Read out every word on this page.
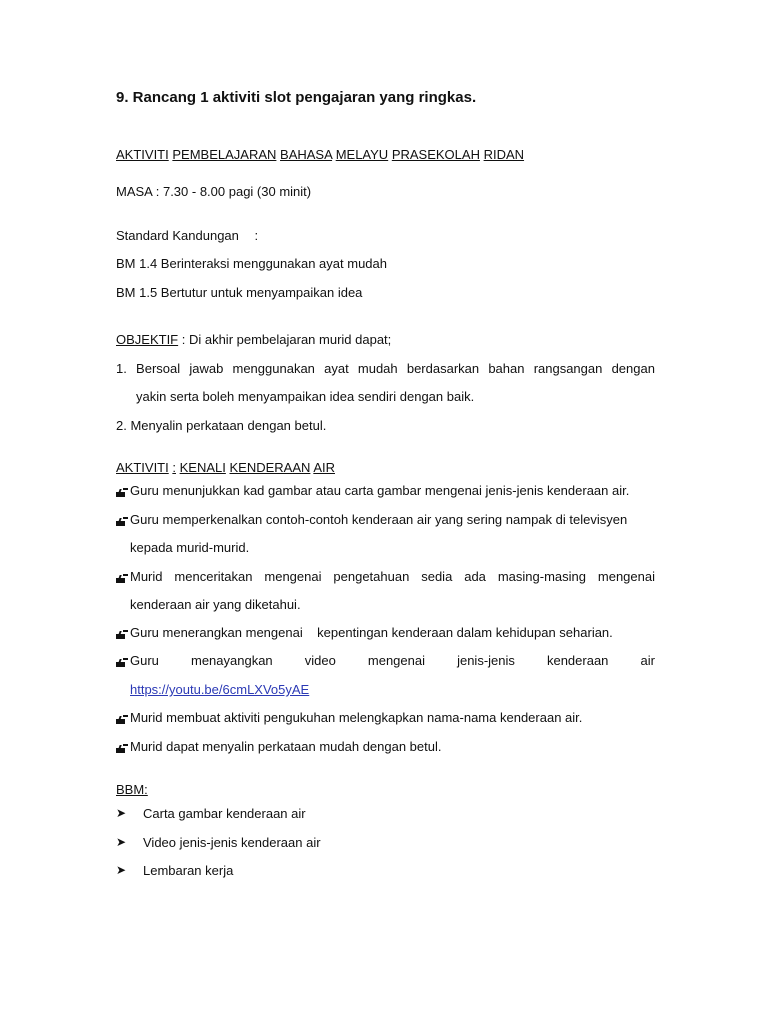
9. Rancang 1 aktiviti slot pengajaran yang ringkas.
AKTIVITI PEMBELAJARAN BAHASA MELAYU PRASEKOLAH RIDAN
MASA : 7.30 - 8.00 pagi (30 minit)
Standard Kandungan :
BM 1.4 Berinteraksi menggunakan ayat mudah
BM 1.5 Bertutur untuk menyampaikan idea
OBJEKTIF : Di akhir pembelajaran murid dapat;
1. Bersoal jawab menggunakan ayat mudah berdasarkan bahan rangsangan dengan
yakin serta boleh menyampaikan idea sendiri dengan baik.
2. Menyalin perkataan dengan betul.
AKTIVITI : KENALI KENDERAAN AIR
Guru menunjukkan kad gambar atau carta gambar mengenai jenis-jenis kenderaan air.
Guru memperkenalkan contoh-contoh kenderaan air yang sering nampak di televisyen
kepada murid-murid.
Murid menceritakan mengenai pengetahuan sedia ada masing-masing mengenai
kenderaan air yang diketahui.
Guru menerangkan mengenai    kepentingan kenderaan dalam kehidupan seharian.
Guru menayangkan video mengenai jenis-jenis kenderaan air
https://youtu.be/6cmLXVo5yAE
Murid membuat aktiviti pengukuhan melengkapkan nama-nama kenderaan air.
Murid dapat menyalin perkataan mudah dengan betul.
BBM:
➤ Carta gambar kenderaan air
➤ Video jenis-jenis kenderaan air
➤ Lembaran kerja
